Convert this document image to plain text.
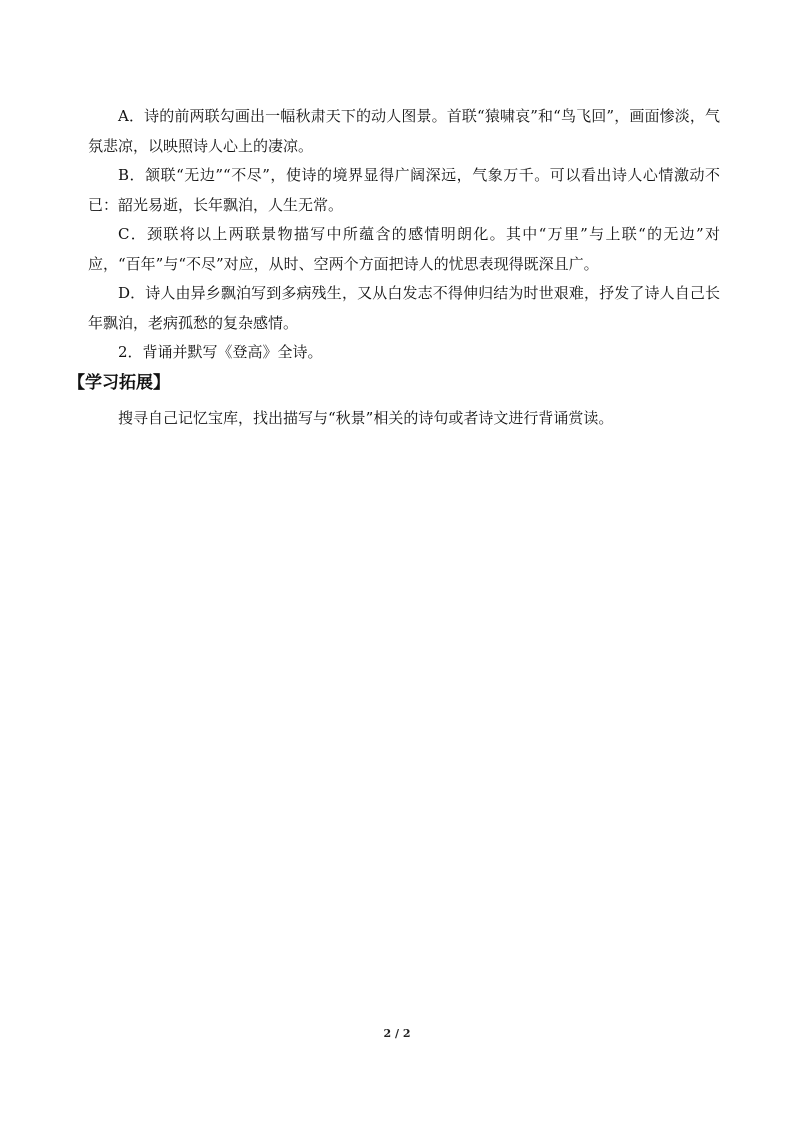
A．诗的前两联勾画出一幅秋肃天下的动人图景。首联“猿啸哀”和“鸟飞回”，画面惨淡，气氛悲凉，以映照诗人心上的凄凉。

B．颔联“无边”“不尽”，使诗的境界显得广阔深远，气象万千。可以看出诗人心情激动不已：韶光易逝，长年飘泊，人生无常。

C．颈联将以上两联景物描写中所蕴含的感情明朗化。其中“万里”与上联“的无边”对应，“百年”与“不尽”对应，从时、空两个方面把诗人的忧思表现得既深且广。

D．诗人由异乡飘泊写到多病残生，又从白发志不得伸归结为时世艰难，抒发了诗人自己长年飘泊，老病孤愁的复杂感情。

2．背诵并默写《登高》全诗。

【学习拓展】

搜寻自己记忆宝库，找出描写与“秋景”相关的诗句或者诗文进行背诵赏读。

2 / 2
